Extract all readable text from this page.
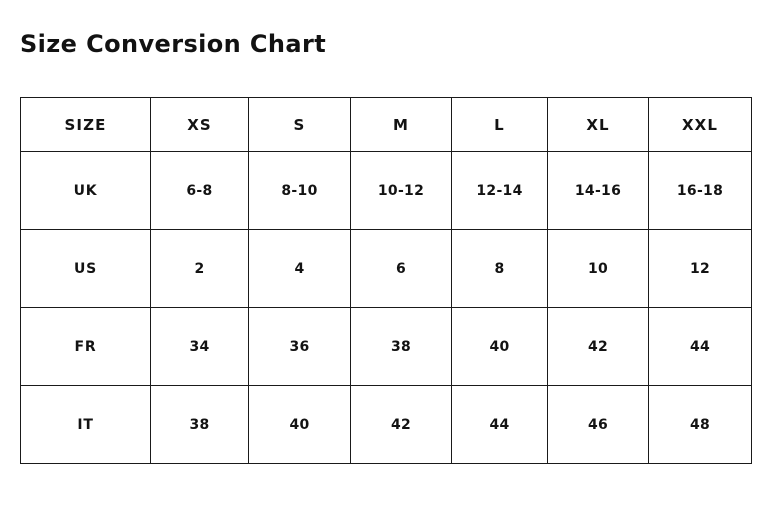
Size Conversion Chart
SIZE	XS	S	M	L	XL	XXL
UK	6-8	8-10	10-12	12-14	14-16	16-18
US	2	4	6	8	10	12
FR	34	36	38	40	42	44
IT	38	40	42	44	46	48
